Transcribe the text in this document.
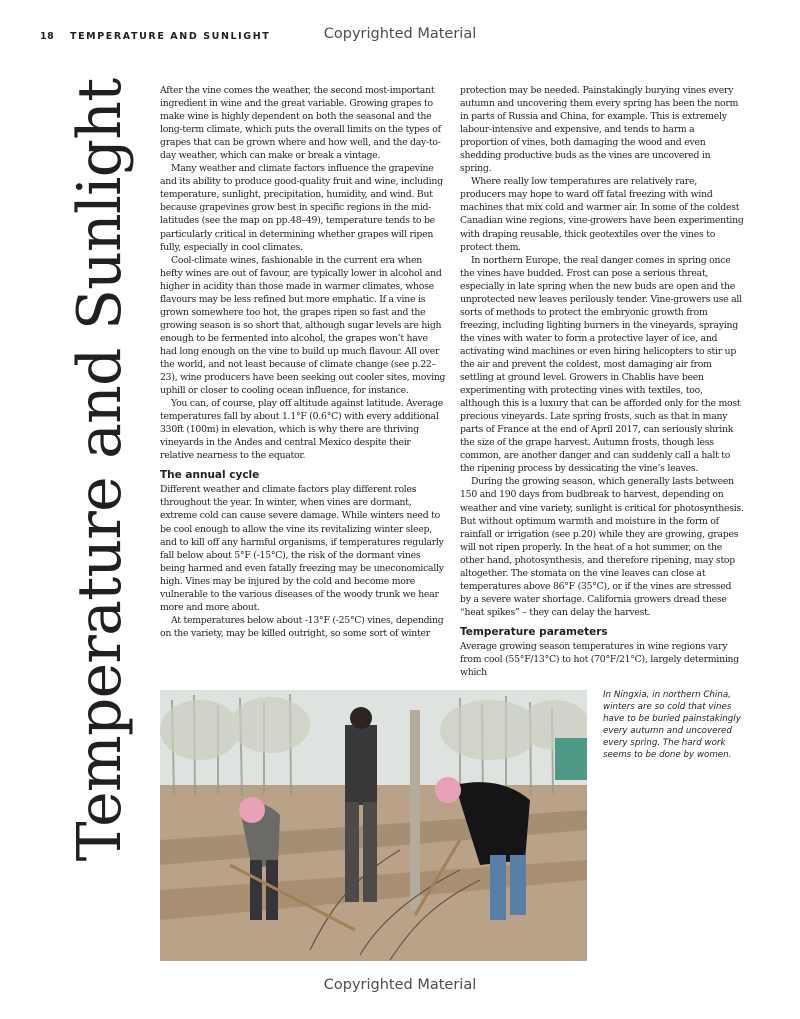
18 TEMPERATURE AND SUNLIGHT	Copyrighted Material
Temperature and Sunlight	After the vine comes the weather, the second most-important ingredient in wine and the great variable. Growing grapes to make wine is highly dependent on both the seasonal and the long-term climate, which puts the overall limits on the types of grapes that can be grown where and how well, and the day-to-day weather, which can make or break a vintage.

Many weather and climate factors influence the grapevine and its ability to produce good-quality fruit and wine, including temperature, sunlight, precipitation, humidity, and wind. But because grapevines grow best in specific regions in the mid-latitudes (see the map on pp.48–49), temperature tends to be particularly critical in determining whether grapes will ripen fully, especially in cool climates.

Cool-climate wines, fashionable in the current era when hefty wines are out of favour, are typically lower in alcohol and higher in acidity than those made in warmer climates, whose flavours may be less refined but more emphatic. If a vine is grown somewhere too hot, the grapes ripen so fast and the growing season is so short that, although sugar levels are high enough to be fermented into alcohol, the grapes won’t have had long enough on the vine to build up much flavour. All over the world, and not least because of climate change (see p.22–23), wine producers have been seeking out cooler sites, moving uphill or closer to cooling ocean influence, for instance.

You can, of course, play off altitude against latitude. Average temperatures fall by about 1.1°F (0.6°C) with every additional 330ft (100m) in elevation, which is why there are thriving vineyards in the Andes and central Mexico despite their relative nearness to the equator.

The annual cycle

Different weather and climate factors play different roles throughout the year. In winter, when vines are dormant, extreme cold can cause severe damage. While winters need to be cool enough to allow the vine its revitalizing winter sleep, and to kill off any harmful organisms, if temperatures regularly fall below about 5°F (-15°C), the risk of the dormant vines being harmed and even fatally freezing may be uneconomically high. Vines may be injured by the cold and become more vulnerable to the various diseases of the woody trunk we hear more and more about.

At temperatures below about -13°F (-25°C) vines, depending on the variety, may be killed outright, so some sort of winter

protection may be needed. Painstakingly burying vines every autumn and uncovering them every spring has been the norm in parts of Russia and China, for example. This is extremely labour-intensive and expensive, and tends to harm a proportion of vines, both damaging the wood and even shedding productive buds as the vines are uncovered in spring.

Where really low temperatures are relatively rare, producers may hope to ward off fatal freezing with wind machines that mix cold and warmer air. In some of the coldest Canadian wine regions, vine-growers have been experimenting with draping reusable, thick geotextiles over the vines to protect them.

In northern Europe, the real danger comes in spring once the vines have budded. Frost can pose a serious threat, especially in late spring when the new buds are open and the unprotected new leaves perilously tender. Vine-growers use all sorts of methods to protect the embryonic growth from freezing, including lighting burners in the vineyards, spraying the vines with water to form a protective layer of ice, and activating wind machines or even hiring helicopters to stir up the air and prevent the coldest, most damaging air from settling at ground level. Growers in Chablis have been experimenting with protecting vines with textiles, too, although this is a luxury that can be afforded only for the most precious vineyards. Late spring frosts, such as that in many parts of France at the end of April 2017, can seriously shrink the size of the grape harvest. Autumn frosts, though less common, are another danger and can suddenly call a halt to the ripening process by dessicating the vine’s leaves.

During the growing season, which generally lasts between 150 and 190 days from budbreak to harvest, depending on weather and vine variety, sunlight is critical for photosynthesis. But without optimum warmth and moisture in the form of rainfall or irrigation (see p.20) while they are growing, grapes will not ripen properly. In the heat of a hot summer, on the other hand, photosynthesis, and therefore ripening, may stop altogether. The stomata on the vine leaves can close at temperatures above 86°F (35°C), or if the vines are stressed by a severe water shortage. California growers dread these “heat spikes” – they can delay the harvest.

Temperature parameters

Average growing season temperatures in wine regions vary from cool (55°F/13°C) to hot (70°F/21°C), largely determining which

In Ningxia, in northern China, winters are so cold that vines have to be buried painstakingly every autumn and uncovered every spring. The hard work seems to be done by women.
Copyrighted Material
